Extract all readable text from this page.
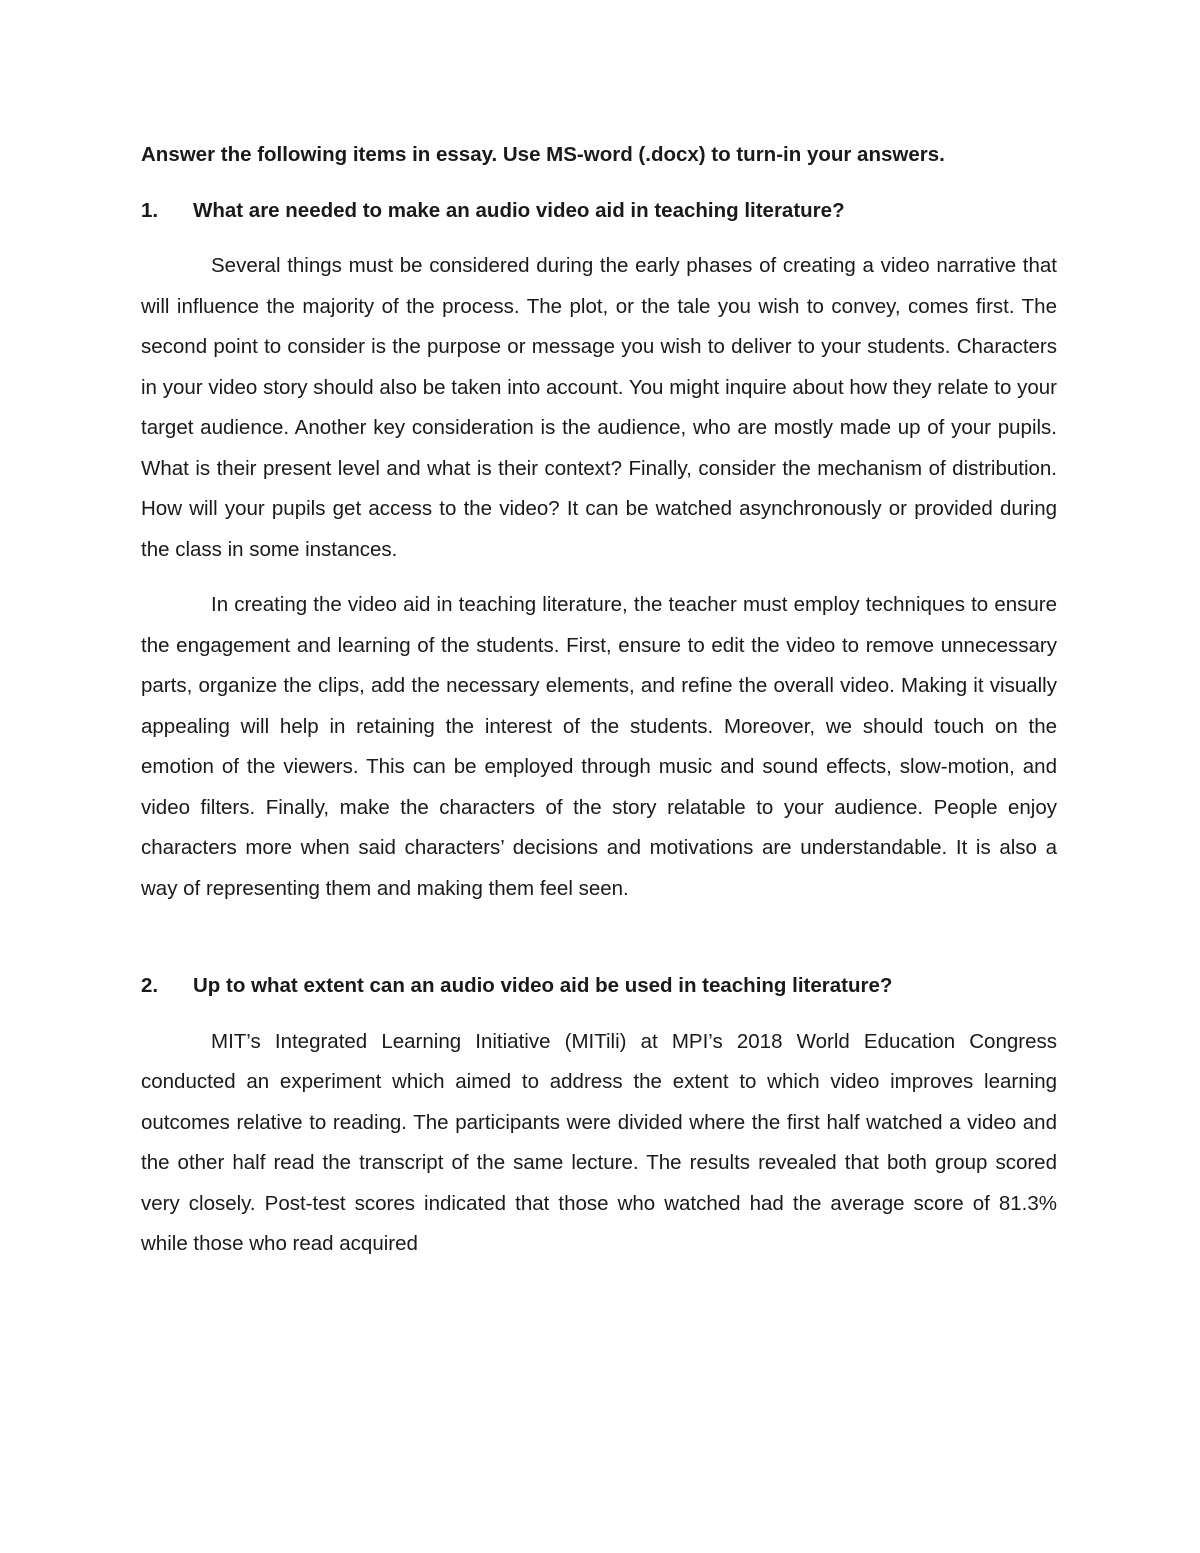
Answer the following items in essay. Use MS-word (.docx) to turn-in your answers.

1.	What are needed to make an audio video aid in teaching literature?

Several things must be considered during the early phases of creating a video narrative that will influence the majority of the process. The plot, or the tale you wish to convey, comes first. The second point to consider is the purpose or message you wish to deliver to your students. Characters in your video story should also be taken into account. You might inquire about how they relate to your target audience. Another key consideration is the audience, who are mostly made up of your pupils. What is their present level and what is their context? Finally, consider the mechanism of distribution. How will your pupils get access to the video? It can be watched asynchronously or provided during the class in some instances.

In creating the video aid in teaching literature, the teacher must employ techniques to ensure the engagement and learning of the students. First, ensure to edit the video to remove unnecessary parts, organize the clips, add the necessary elements, and refine the overall video. Making it visually appealing will help in retaining the interest of the students. Moreover, we should touch on the emotion of the viewers. This can be employed through music and sound effects, slow-motion, and video filters. Finally, make the characters of the story relatable to your audience. People enjoy characters more when said characters’ decisions and motivations are understandable. It is also a way of representing them and making them feel seen.

2.	Up to what extent can an audio video aid be used in teaching literature?

MIT’s Integrated Learning Initiative (MITili) at MPI’s 2018 World Education Congress conducted an experiment which aimed to address the extent to which video improves learning outcomes relative to reading. The participants were divided where the first half watched a video and the other half read the transcript of the same lecture. The results revealed that both group scored very closely. Post-test scores indicated that those who watched had the average score of 81.3% while those who read acquired
